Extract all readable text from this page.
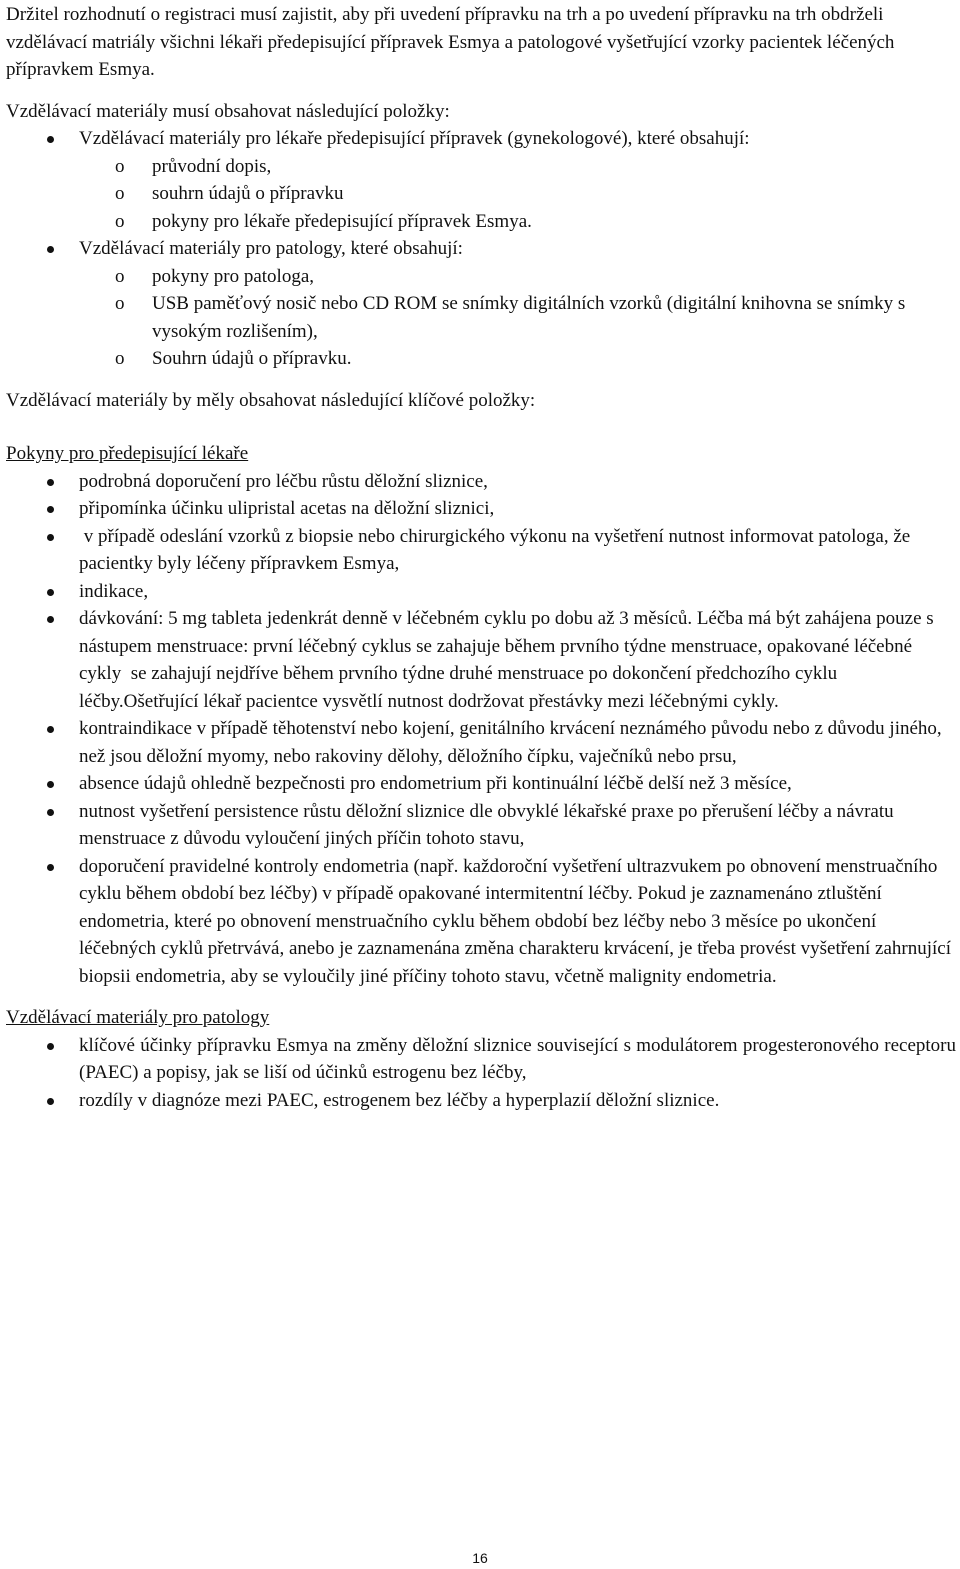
Držitel rozhodnutí o registraci musí zajistit, aby při uvedení přípravku na trh a po uvedení přípravku na trh obdrželi vzdělávací matriály všichni lékaři předepisující přípravek Esmya a patologové vyšetřující vzorky pacientek léčených přípravkem Esmya.

Vzdělávací materiály musí obsahovat následující položky:

Vzdělávací materiály pro lékaře předepisující přípravek (gynekologové), které obsahují:
o průvodní dopis,
o souhrn údajů o přípravku
o pokyny pro lékaře předepisující přípravek Esmya.
Vzdělávací materiály pro patology, které obsahují:
o pokyny pro patologa,
o USB paměťový nosič nebo CD ROM se snímky digitálních vzorků (digitální knihovna se snímky s vysokým rozlišením),
o Souhrn údajů o přípravku.

Vzdělávací materiály by měly obsahovat následující klíčové položky:

Pokyny pro předepisující lékaře

podrobná doporučení pro léčbu růstu děložní sliznice,
připomínka účinku ulipristal acetas na děložní sliznici,
v případě odeslání vzorků z biopsie nebo chirurgického výkonu na vyšetření nutnost informovat patologa, že pacientky byly léčeny přípravkem Esmya,
indikace,
dávkování: 5 mg tableta jedenkrát denně v léčebném cyklu po dobu až 3 měsíců. Léčba má být zahájena pouze s nástupem menstruace: první léčebný cyklus se zahajuje během prvního týdne menstruace, opakované léčebné cykly  se zahajují nejdříve během prvního týdne druhé menstruace po dokončení předchozího cyklu léčby.Ošetřující lékař pacientce vysvětlí nutnost dodržovat přestávky mezi léčebnými cykly.
kontraindikace v případě těhotenství nebo kojení, genitálního krvácení neznámého původu nebo z důvodu jiného, než jsou děložní myomy, nebo rakoviny dělohy, děložního čípku, vaječníků nebo prsu,
absence údajů ohledně bezpečnosti pro endometrium při kontinuální léčbě delší než 3 měsíce,
nutnost vyšetření persistence růstu děložní sliznice dle obvyklé lékařské praxe po přerušení léčby a návratu menstruace z důvodu vyloučení jiných příčin tohoto stavu,
doporučení pravidelné kontroly endometria (např. každoroční vyšetření ultrazvukem po obnovení menstruačního cyklu během období bez léčby) v případě opakované intermitentní léčby. Pokud je zaznamenáno ztluštění endometria, které po obnovení menstruačního cyklu během období bez léčby nebo 3 měsíce po ukončení léčebných cyklů přetrvává, anebo je zaznamenána změna charakteru krvácení, je třeba provést vyšetření zahrnující biopsii endometria, aby se vyloučily jiné příčiny tohoto stavu, včetně malignity endometria.

Vzdělávací materiály pro patology

klíčové účinky přípravku Esmya na změny děložní sliznice související s modulátorem progesteronového receptoru (PAEC) a popisy, jak se liší od účinků estrogenu bez léčby,
rozdíly v diagnóze mezi PAEC, estrogenem bez léčby a hyperplazií děložní sliznice.
16
